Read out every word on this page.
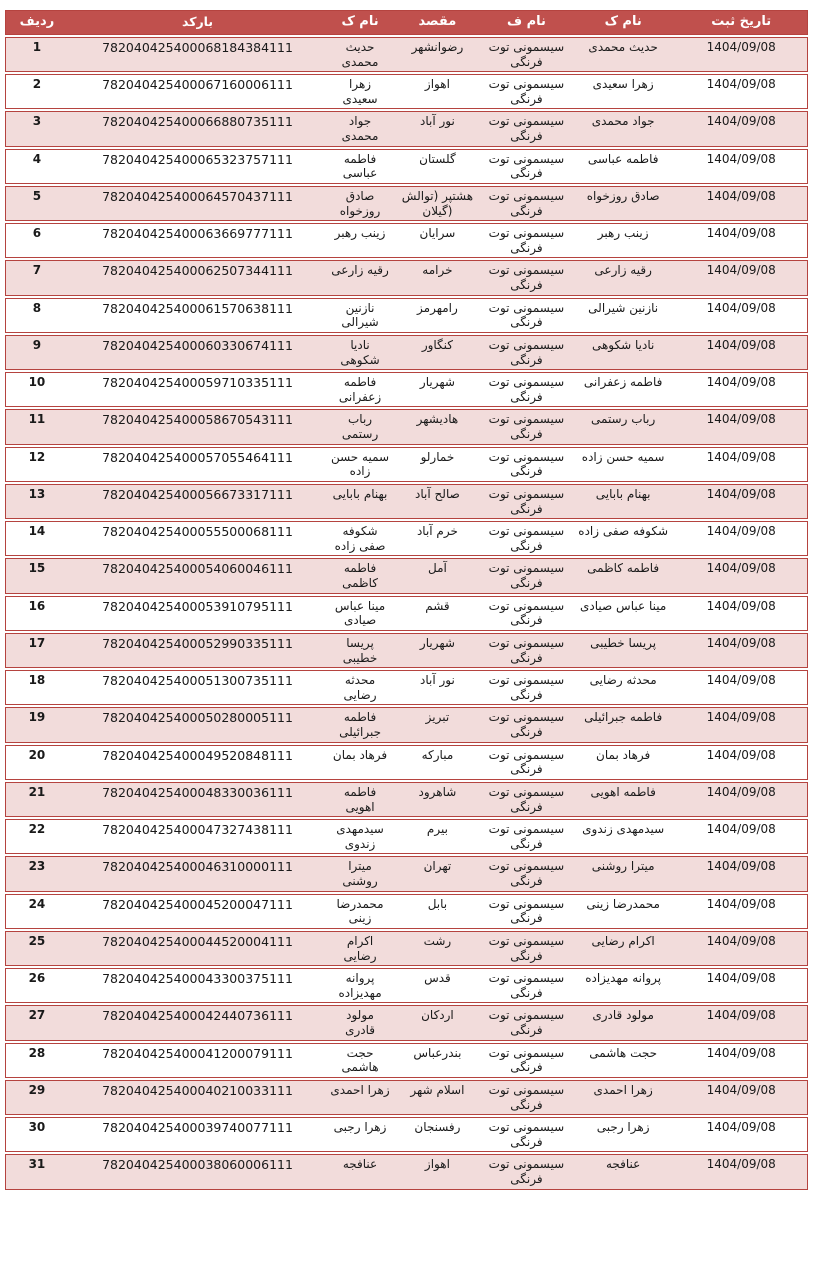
ردیف	بارکد	نام ک	مقصد	نام ف	نام ک	تاریخ ثبت
1	782040425400068184384111	حدیث محمدی	رضوانشهر	سیسمونی توت فرنگی	حدیث محمدی	1404/09/08
2	782040425400067160006111	زهرا سعیدی	اهواز	سیسمونی توت فرنگی	زهرا سعیدی	1404/09/08
3	782040425400066880735111	جواد محمدی	نور آباد	سیسمونی توت فرنگی	جواد محمدی	1404/09/08
4	782040425400065323757111	فاطمه عباسی	گلستان	سیسمونی توت فرنگی	فاطمه عباسی	1404/09/08
5	782040425400064570437111	صادق روزخواه	هشتپر (توالش (گیلان	سیسمونی توت فرنگی	صادق روزخواه	1404/09/08
6	782040425400063669777111	زینب رهبر	سرایان	سیسمونی توت فرنگی	زینب رهبر	1404/09/08
7	782040425400062507344111	رقیه زارعی	خرامه	سیسمونی توت فرنگی	رقیه زارعی	1404/09/08
8	782040425400061570638111	نازنین شیرالی	رامهرمز	سیسمونی توت فرنگی	نازنین شیرالی	1404/09/08
9	782040425400060330674111	نادیا شکوهی	کنگاور	سیسمونی توت فرنگی	نادیا شکوهی	1404/09/08
10	782040425400059710335111	فاطمه زعفرانی	شهریار	سیسمونی توت فرنگی	فاطمه زعفرانی	1404/09/08
11	782040425400058670543111	رباب رستمی	هادیشهر	سیسمونی توت فرنگی	رباب رستمی	1404/09/08
12	782040425400057055464111	سمیه حسن زاده	خمارلو	سیسمونی توت فرنگی	سمیه حسن زاده	1404/09/08
13	782040425400056673317111	بهنام بابایی	صالح آباد	سیسمونی توت فرنگی	بهنام بابایی	1404/09/08
14	782040425400055500068111	شکوفه صفی زاده	خرم آباد	سیسمونی توت فرنگی	شکوفه صفی زاده	1404/09/08
15	782040425400054060046111	فاطمه کاظمی	آمل	سیسمونی توت فرنگی	فاطمه کاظمی	1404/09/08
16	782040425400053910795111	مینا عباس صیادی	قشم	سیسمونی توت فرنگی	مینا عباس صیادی	1404/09/08
17	782040425400052990335111	پریسا خطیبی	شهریار	سیسمونی توت فرنگی	پریسا خطیبی	1404/09/08
18	782040425400051300735111	محدثه رضایی	نور آباد	سیسمونی توت فرنگی	محدثه رضایی	1404/09/08
19	782040425400050280005111	فاطمه جبرائیلی	تبریز	سیسمونی توت فرنگی	فاطمه جبرائیلی	1404/09/08
20	782040425400049520848111	فرهاد بمان	مبارکه	سیسمونی توت فرنگی	فرهاد بمان	1404/09/08
21	782040425400048330036111	فاطمه اهویی	شاهرود	سیسمونی توت فرنگی	فاطمه اهویی	1404/09/08
22	782040425400047327438111	سیدمهدی زندوی	بیرم	سیسمونی توت فرنگی	سیدمهدی زندوی	1404/09/08
23	782040425400046310000111	میترا روشنی	تهران	سیسمونی توت فرنگی	میترا روشنی	1404/09/08
24	782040425400045200047111	محمدرضا زینی	بابل	سیسمونی توت فرنگی	محمدرضا زینی	1404/09/08
25	782040425400044520004111	اکرام رضایی	رشت	سیسمونی توت فرنگی	اکرام رضایی	1404/09/08
26	782040425400043300375111	پروانه مهدیزاده	قدس	سیسمونی توت فرنگی	پروانه مهدیزاده	1404/09/08
27	782040425400042440736111	مولود قادری	اردکان	سیسمونی توت فرنگی	مولود قادری	1404/09/08
28	782040425400041200079111	حجت هاشمی	بندرعباس	سیسمونی توت فرنگی	حجت هاشمی	1404/09/08
29	782040425400040210033111	زهرا احمدی	اسلام شهر	سیسمونی توت فرنگی	زهرا احمدی	1404/09/08
30	782040425400039740077111	زهرا رجبی	رفسنجان	سیسمونی توت فرنگی	زهرا رجبی	1404/09/08
31	782040425400038060006111	عنافجه	اهواز	سیسمونی توت فرنگی	عنافجه	1404/09/08
